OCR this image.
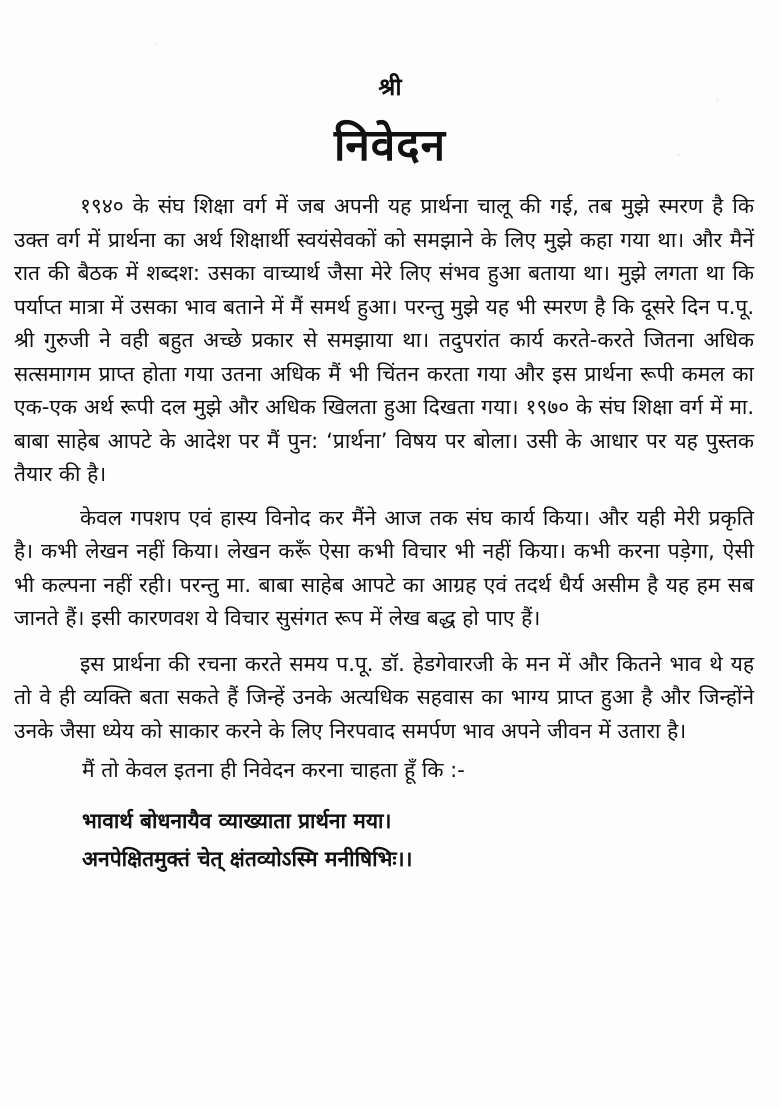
श्री
निवेदन

१९४० के संघ शिक्षा वर्ग में जब अपनी यह प्रार्थना चालू की गई, तब मुझे स्मरण है कि उक्त वर्ग में प्रार्थना का अर्थ शिक्षार्थी स्वयंसेवकों को समझाने के लिए मुझे कहा गया था। और मैनें रात की बैठक में शब्दश: उसका वाच्यार्थ जैसा मेरे लिए संभव हुआ बताया था। मुझे लगता था कि पर्याप्त मात्रा में उसका भाव बताने में मैं समर्थ हुआ। परन्तु मुझे यह भी स्मरण है कि दूसरे दिन प.पू. श्री गुरुजी ने वही बहुत अच्छे प्रकार से समझाया था। तदुपरांत कार्य करते-करते जितना अधिक सत्समागम प्राप्त होता गया उतना अधिक मैं भी चिंतन करता गया और इस प्रार्थना रूपी कमल का एक-एक अर्थ रूपी दल मुझे और अधिक खिलता हुआ दिखता गया। १९७० के संघ शिक्षा वर्ग में मा. बाबा साहेब आपटे के आदेश पर मैं पुन: ‘प्रार्थना’ विषय पर बोला। उसी के आधार पर यह पुस्तक तैयार की है।

केवल गपशप एवं हास्य विनोद कर मैंने आज तक संघ कार्य किया। और यही मेरी प्रकृति है। कभी लेखन नहीं किया। लेखन करूँ ऐसा कभी विचार भी नहीं किया। कभी करना पड़ेगा, ऐसी भी कल्पना नहीं रही। परन्तु मा. बाबा साहेब आपटे का आग्रह एवं तदर्थ धैर्य असीम है यह हम सब जानते हैं। इसी कारणवश ये विचार सुसंगत रूप में लेख बद्ध हो पाए हैं।

इस प्रार्थना की रचना करते समय प.पू. डॉ. हेडगेवारजी के मन में और कितने भाव थे यह तो वे ही व्यक्ति बता सकते हैं जिन्हें उनके अत्यधिक सहवास का भाग्य प्राप्त हुआ है और जिन्होंने उनके जैसा ध्येय को साकार करने के लिए निरपवाद समर्पण भाव अपने जीवन में उतारा है।

मैं तो केवल इतना ही निवेदन करना चाहता हूँ कि :-

भावार्थ बोधनायैव व्याख्याता प्रार्थना मया।
अनपेक्षितमुक्तं चेत् क्षंतव्योऽस्मि मनीषिभिः।।
